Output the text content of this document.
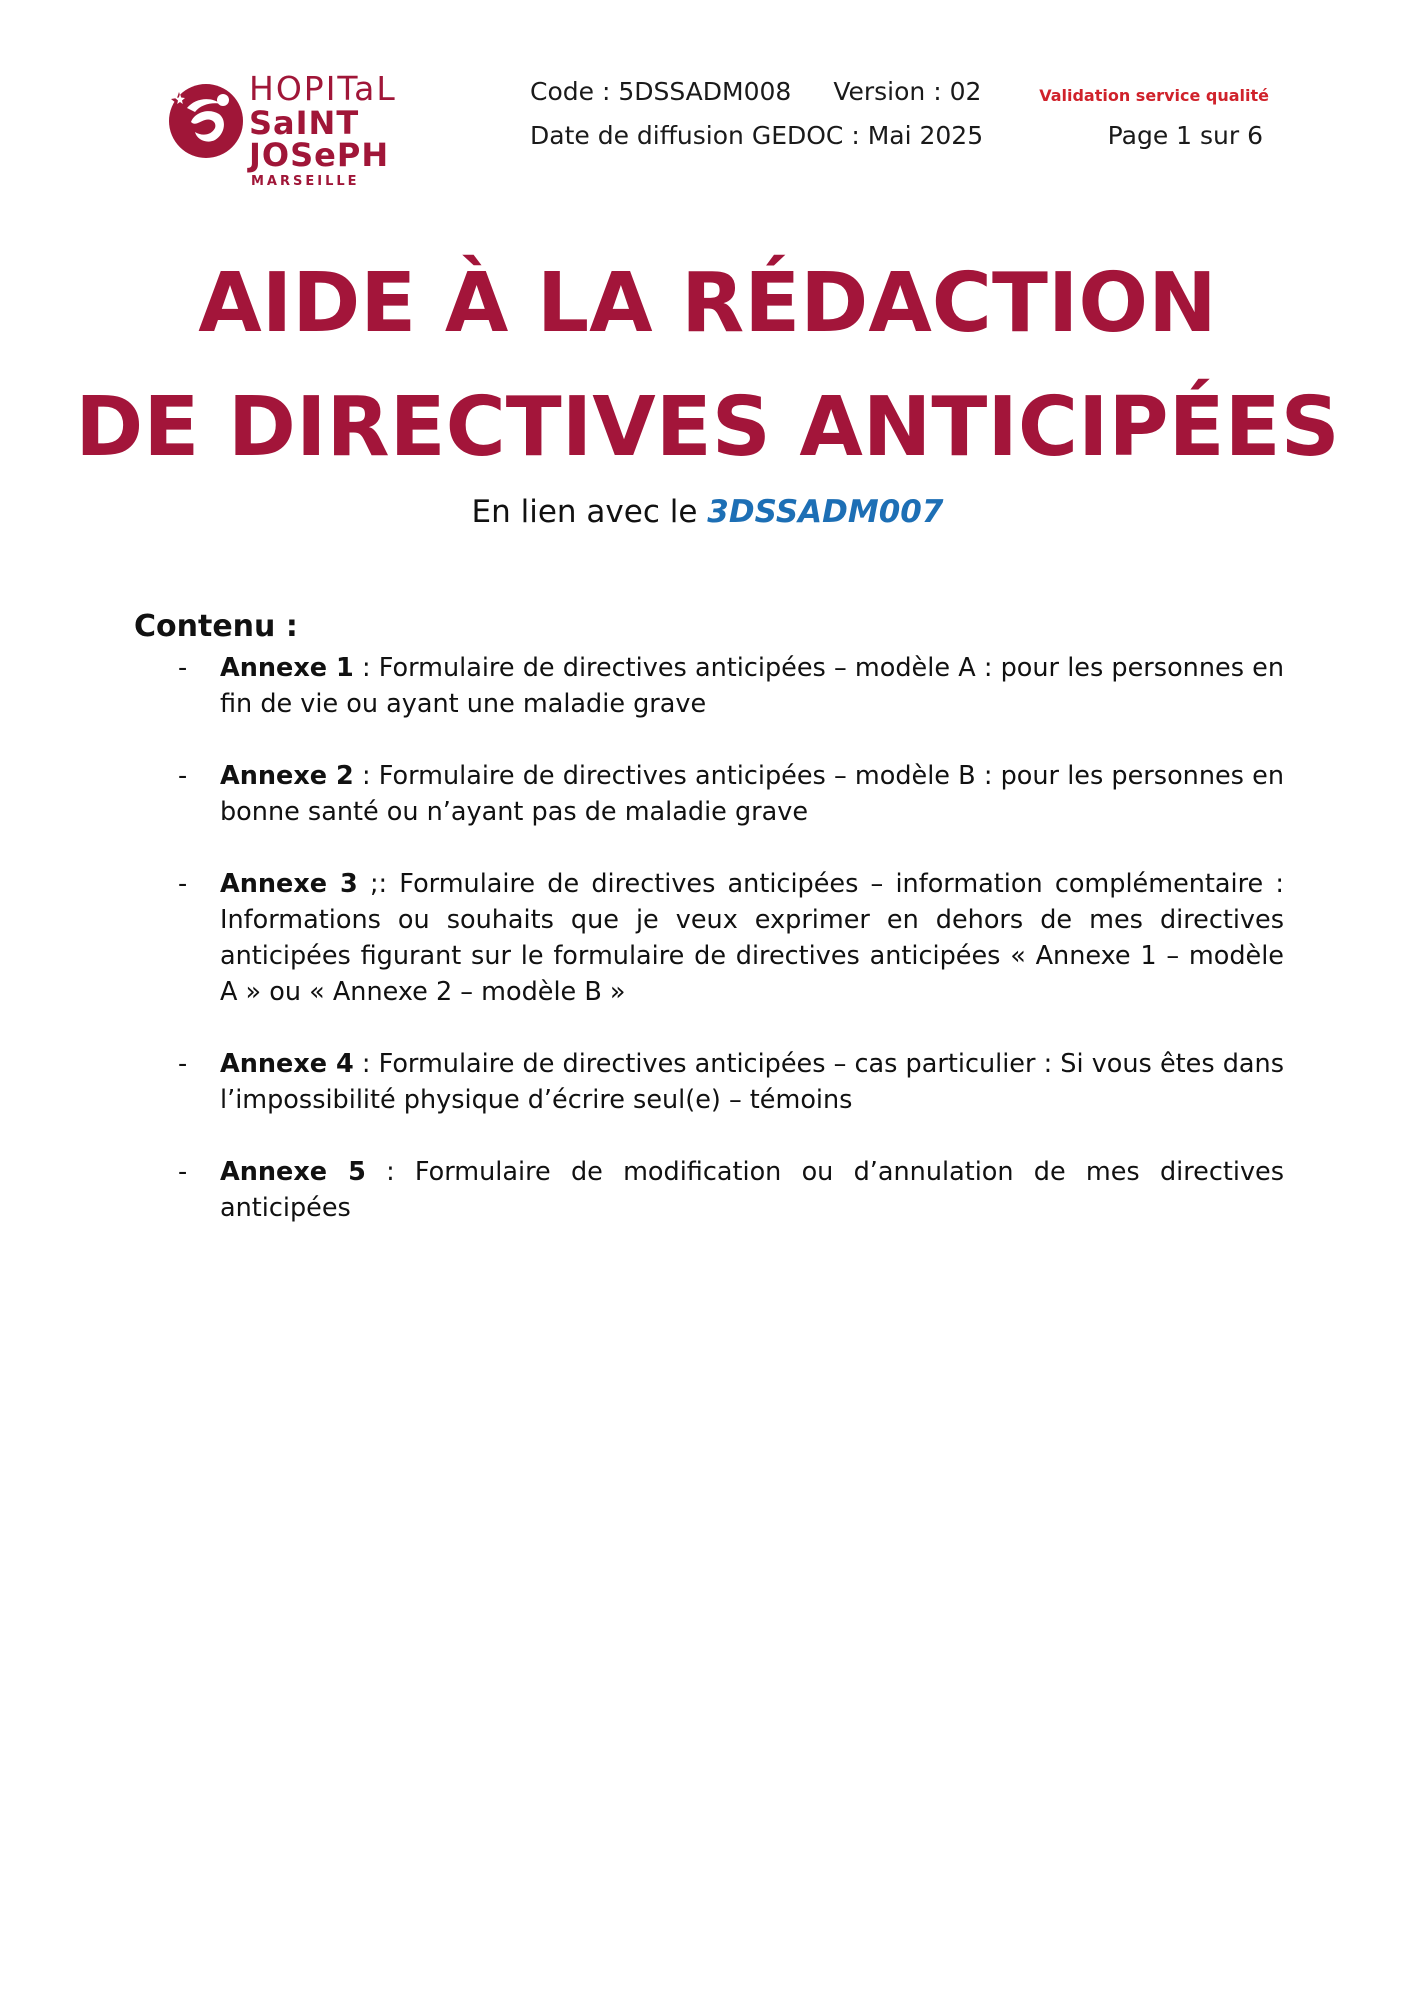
HOPITaL
SaINT JOSePH
MARSEILLE
Code : 5DSSADM008 Version : 02
Date de diffusion GEDOC : Mai 2025
Validation service qualité
Page 1 sur 6
AIDE À LA RÉDACTION
DE DIRECTIVES ANTICIPÉES
En lien avec le 3DSSADM007

Contenu :

- Annexe 1 : Formulaire de directives anticipées – modèle A : pour les personnes en fin de vie ou ayant une maladie grave
- Annexe 2 : Formulaire de directives anticipées – modèle B : pour les personnes en bonne santé ou n’ayant pas de maladie grave
- Annexe 3 ;: Formulaire de directives anticipées – information complémentaire : Informations ou souhaits que je veux exprimer en dehors de mes directives anticipées figurant sur le formulaire de directives anticipées « Annexe 1 – modèle A » ou « Annexe 2 – modèle B »
- Annexe 4 : Formulaire de directives anticipées – cas particulier : Si vous êtes dans l’impossibilité physique d’écrire seul(e) – témoins
- Annexe 5 : Formulaire de modification ou d’annulation de mes directives anticipées
